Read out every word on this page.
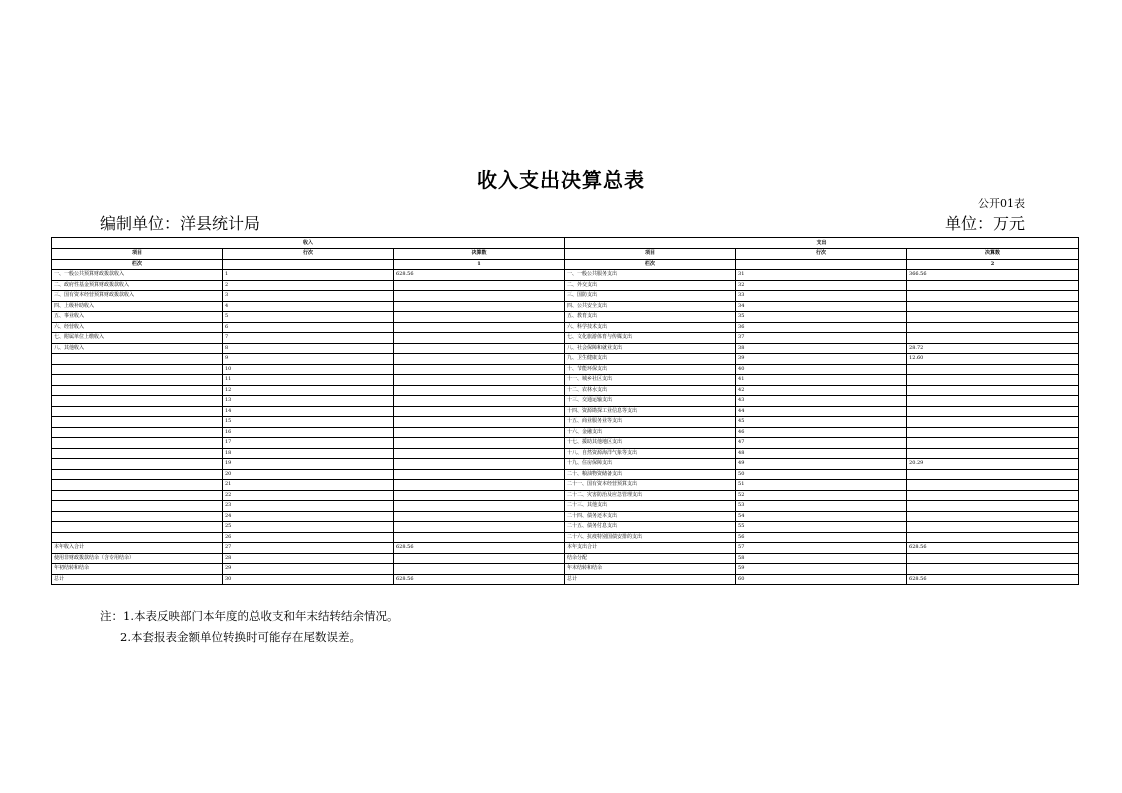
收入支出决算总表
公开01表
编制单位：洋县统计局	单位：万元
收入			支出		
项目	行次	决算数	项目	行次	决算数
栏次		1	栏次		2
一、一般公共预算财政拨款收入	1	628.56	一、一般公共服务支出	31	366.56
二、政府性基金预算财政拨款收入	2		二、外交支出	32	
三、国有资本经营预算财政拨款收入	3		三、国防支出	33	
四、上级补助收入	4		四、公共安全支出	34	
五、事业收入	5		五、教育支出	35	
六、经营收入	6		六、科学技术支出	36	
七、附属单位上缴收入	7		七、文化旅游体育与传媒支出	37	
八、其他收入	8		八、社会保障和就业支出	38	28.72
	9		九、卫生健康支出	39	12.60
	10		十、节能环保支出	40	
	11		十一、城乡社区支出	41	
	12		十二、农林水支出	42	
	13		十三、交通运输支出	43	
	14		十四、资源勘探工业信息等支出	44	
	15		十五、商业服务业等支出	45	
	16		十六、金融支出	46	
	17		十七、援助其他地区支出	47	
	18		十八、自然资源海洋气象等支出	48	
	19		十九、住房保障支出	49	20.29
	20		二十、粮油物资储备支出	50	
	21		二十一、国有资本经营预算支出	51	
	22		二十二、灾害防治及应急管理支出	52	
	23		二十三、其他支出	53	
	24		二十四、债务还本支出	54	
	25		二十五、债务付息支出	55	
	26		二十六、抗疫特别国债安排的支出	56	
本年收入合计	27	628.56	本年支出合计	57	628.56
使用非财政拨款结余（含专用结余）	28		结余分配	58	
年初结转和结余	29		年末结转和结余	59	
总计	30	628.56	总计	60	628.56
注：1.本表反映部门本年度的总收支和年末结转结余情况。
2.本套报表金额单位转换时可能存在尾数误差。
